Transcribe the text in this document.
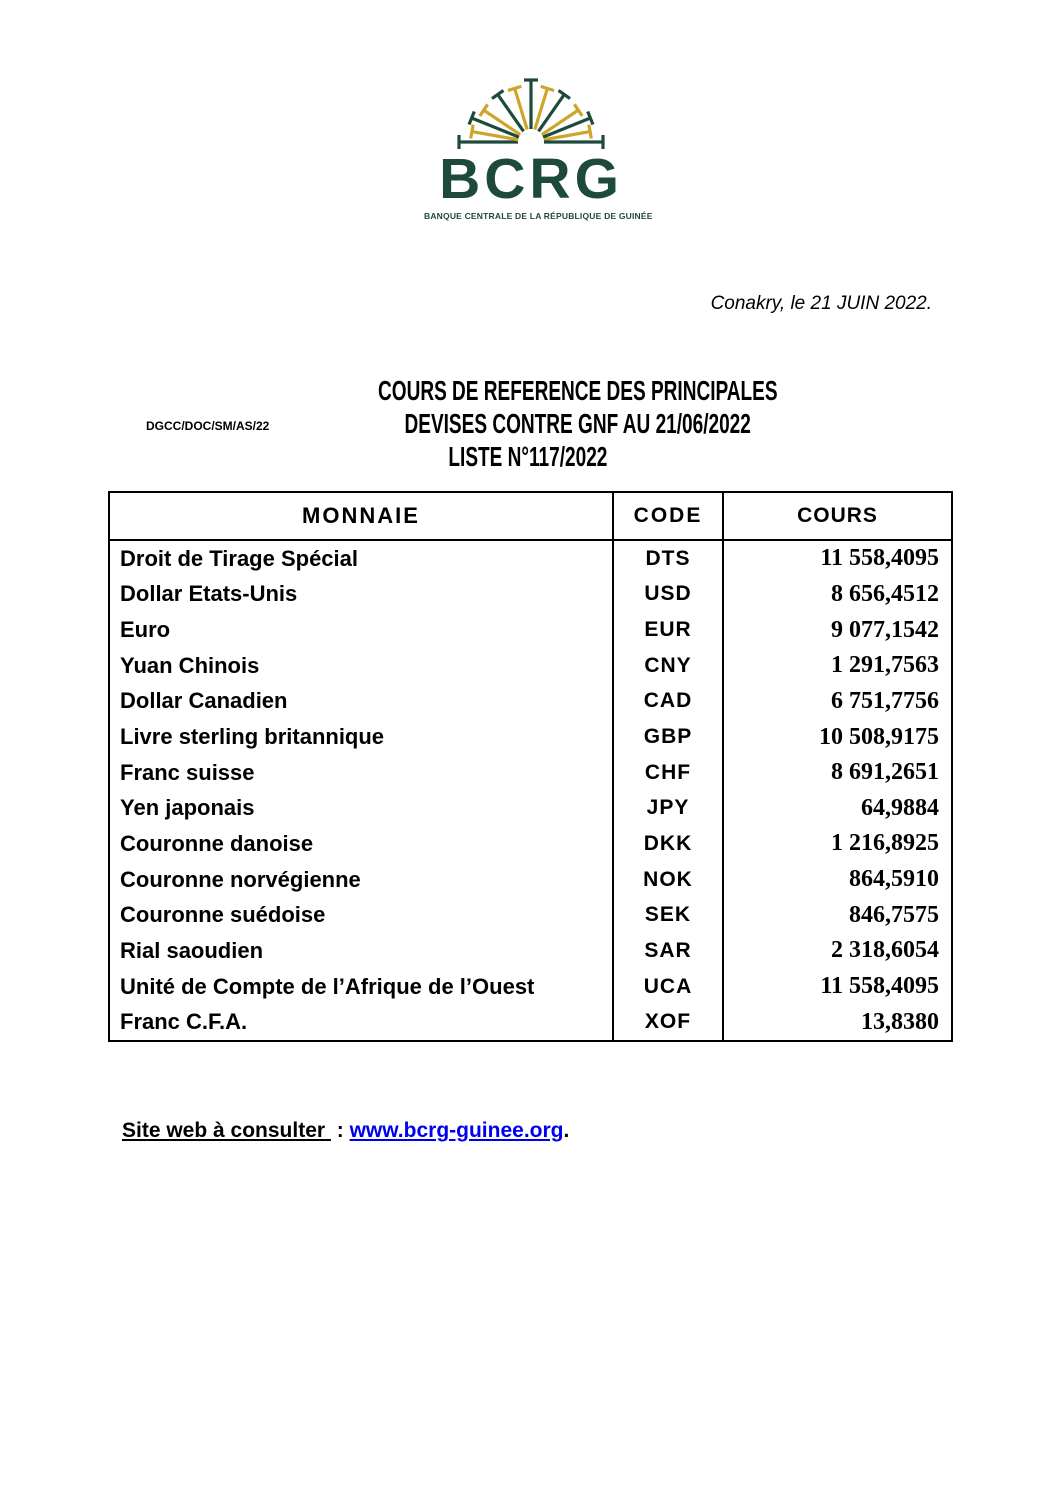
BCRG
BANQUE CENTRALE DE LA RÉPUBLIQUE DE GUINÉE
Conakry, le 21 JUIN 2022.
DGCC/DOC/SM/AS/22
COURS DE REFERENCE DES PRINCIPALES
DEVISES CONTRE GNF AU 21/06/2022
LISTE N°117/2022
MONNAIE	CODE	COURS
Droit de Tirage Spécial	DTS	11 558,4095
Dollar Etats-Unis	USD	8 656,4512
Euro	EUR	9 077,1542
Yuan Chinois	CNY	1 291,7563
Dollar Canadien	CAD	6 751,7756
Livre sterling britannique	GBP	10 508,9175
Franc suisse	CHF	8 691,2651
Yen japonais	JPY	64,9884
Couronne danoise	DKK	1 216,8925
Couronne norvégienne	NOK	864,5910
Couronne suédoise	SEK	846,7575
Rial saoudien	SAR	2 318,6054
Unité de Compte de l’Afrique de l’Ouest	UCA	11 558,4095
Franc C.F.A.	XOF	13,8380
Site web à consulter  : www.bcrg-guinee.org.
